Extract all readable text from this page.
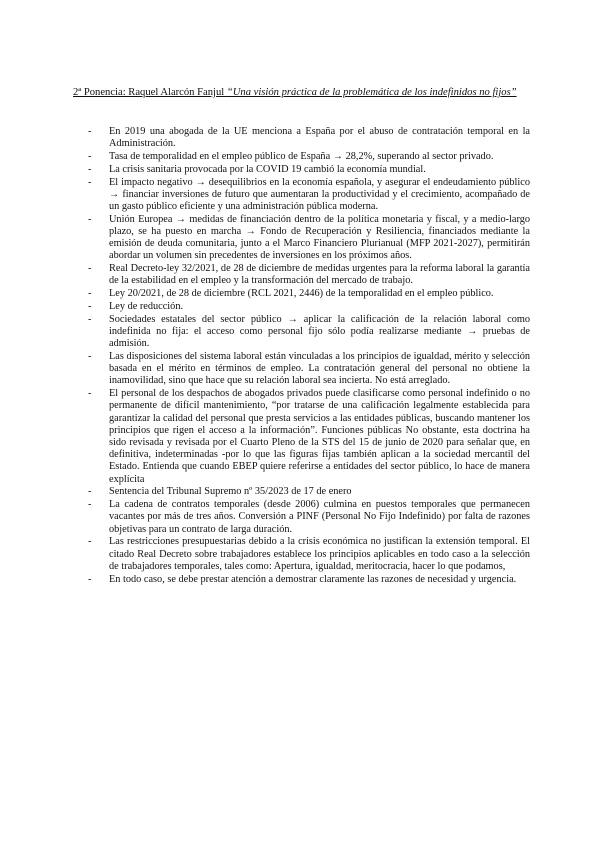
2ª Ponencia: Raquel Alarcón Fanjul “Una visión práctica de la problemática de los indefinidos no fijos”
- En 2019 una abogada de la UE menciona a España por el abuso de contratación temporal en la Administración.
- Tasa de temporalidad en el empleo público de España → 28,2%, superando al sector privado.
- La crisis sanitaria provocada por la COVID 19 cambió la economía mundial.
- El impacto negativo → desequilibrios en la economía española, y asegurar el endeudamiento público → financiar inversiones de futuro que aumentaran la productividad y el crecimiento, acompañado de un gasto público eficiente y una administración pública moderna.
- Unión Europea → medidas de financiación dentro de la política monetaria y fiscal, y a medio-largo plazo, se ha puesto en marcha → Fondo de Recuperación y Resiliencia, financiados mediante la emisión de deuda comunitaria, junto a el Marco Financiero Plurianual (MFP 2021-2027), permitirán abordar un volumen sin precedentes de inversiones en los próximos años.
- Real Decreto-ley 32/2021, de 28 de diciembre de medidas urgentes para la reforma laboral la garantía de la estabilidad en el empleo y la transformación del mercado de trabajo.
- Ley 20/2021, de 28 de diciembre (RCL 2021, 2446) de la temporalidad en el empleo público.
- Ley de reducción.
- Sociedades estatales del sector público → aplicar la calificación de la relación laboral como indefinida no fija: el acceso como personal fijo sólo podía realizarse mediante → pruebas de admisión.
- Las disposiciones del sistema laboral están vinculadas a los principios de igualdad, mérito y selección basada en el mérito en términos de empleo. La contratación general del personal no obtiene la inamovilidad, sino que hace que su relación laboral sea incierta. No está arreglado.
- El personal de los despachos de abogados privados puede clasificarse como personal indefinido o no permanente de difícil mantenimiento, “por tratarse de una calificación legalmente establecida para garantizar la calidad del personal que presta servicios a las entidades públicas, buscando mantener los principios que rigen el acceso a la información”. Funciones públicas No obstante, esta doctrina ha sido revisada y revisada por el Cuarto Pleno de la STS del 15 de junio de 2020 para señalar que, en definitiva, indeterminadas -por lo que las figuras fijas también aplican a la sociedad mercantil del Estado. Entienda que cuando EBEP quiere referirse a entidades del sector público, lo hace de manera explícita
- Sentencia del Tribunal Supremo nº 35/2023 de 17 de enero
- La cadena de contratos temporales (desde 2006) culmina en puestos temporales que permanecen vacantes por más de tres años. Conversión a PINF (Personal No Fijo Indefinido) por falta de razones objetivas para un contrato de larga duración.
- Las restricciones presupuestarias debido a la crisis económica no justifican la extensión temporal. El citado Real Decreto sobre trabajadores establece los principios aplicables en todo caso a la selección de trabajadores temporales, tales como: Apertura, igualdad, meritocracia, hacer lo que podamos,
- En todo caso, se debe prestar atención a demostrar claramente las razones de necesidad y urgencia.
